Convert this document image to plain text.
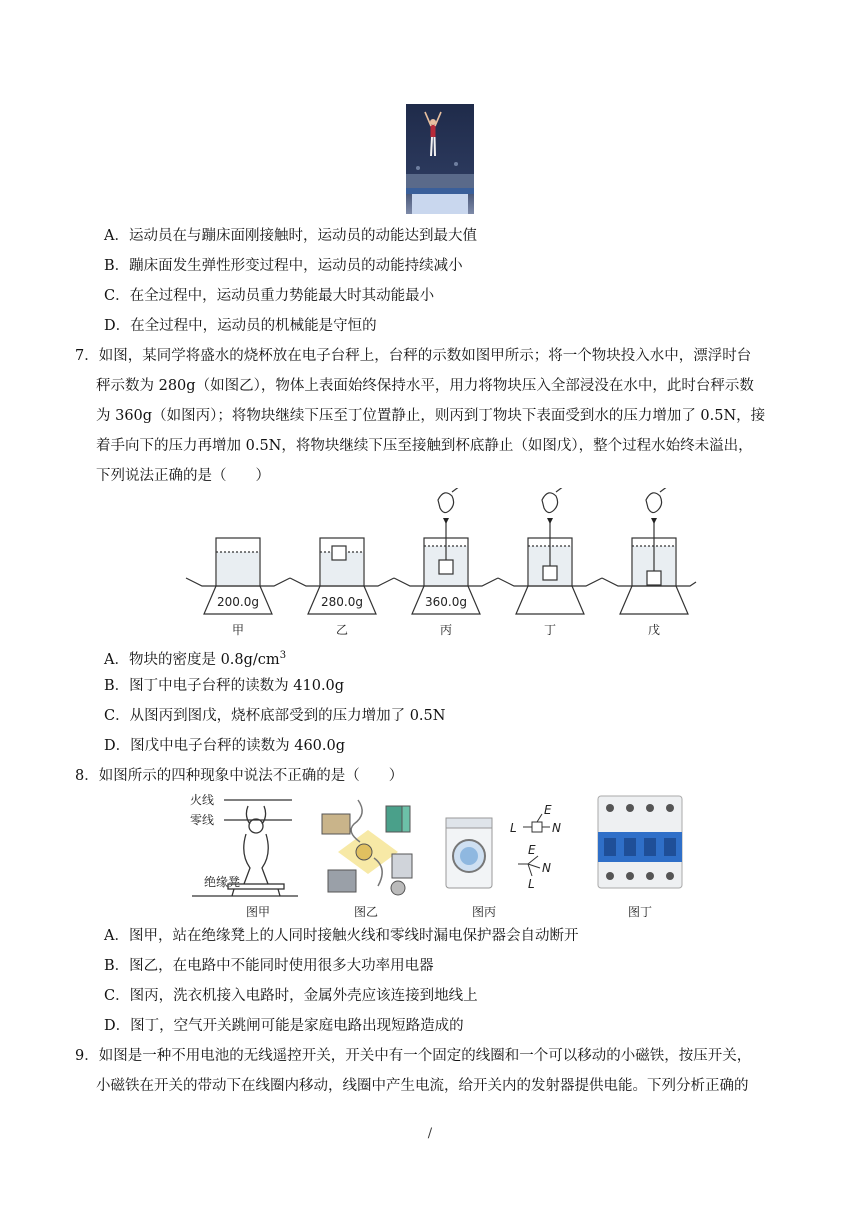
A．运动员在与蹦床面刚接触时，运动员的动能达到最大值
B．蹦床面发生弹性形变过程中，运动员的动能持续减小
C．在全过程中，运动员重力势能最大时其动能最小
D．在全过程中，运动员的机械能是守恒的
7．如图，某同学将盛水的烧杯放在电子台秤上，台秤的示数如图甲所示；将一个物块投入水中，漂浮时台
秤示数为 280g（如图乙），物体上表面始终保持水平，用力将物块压入全部浸没在水中，此时台秤示数
为 360g（如图丙）；将物块继续下压至丁位置静止，则丙到丁物块下表面受到水的压力增加了 0.5N，接
着手向下的压力再增加 0.5N，将物块继续下压至接触到杯底静止（如图戊），整个过程水始终未溢出，
下列说法正确的是（　　）
200.0g	280.0g	360.0g
甲	乙	丙	丁	戊
A．物块的密度是 $0.8g/cm^3$
B．图丁中电子台秤的读数为 410.0g
C．从图丙到图戊，烧杯底部受到的压力增加了 0.5N
D．图戊中电子台秤的读数为 460.0g
8．如图所示的四种现象中说法不正确的是（　　）
火线
零线
绝缘凳
L
E
N
E
N
L
图甲	图乙	图丙	图丁
A．图甲，站在绝缘凳上的人同时接触火线和零线时漏电保护器会自动断开
B．图乙，在电路中不能同时使用很多大功率用电器
C．图丙，洗衣机接入电路时，金属外壳应该连接到地线上
D．图丁，空气开关跳闸可能是家庭电路出现短路造成的
9．如图是一种不用电池的无线遥控开关，开关中有一个固定的线圈和一个可以移动的小磁铁，按压开关，
小磁铁在开关的带动下在线圈内移动，线圈中产生电流，给开关内的发射器提供电能。下列分析正确的
/
